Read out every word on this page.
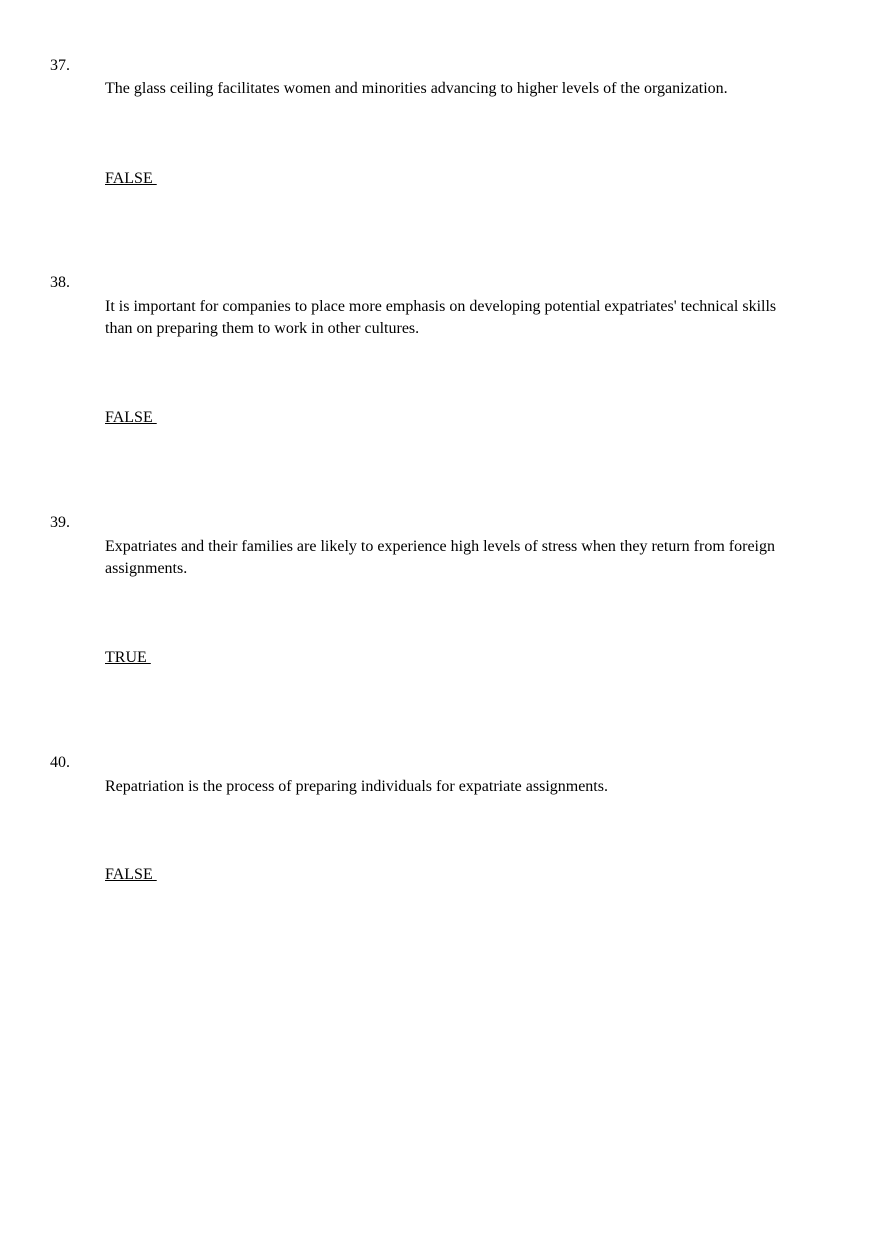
37.
The glass ceiling facilitates women and minorities advancing to higher levels of the organization.
FALSE
38.
It is important for companies to place more emphasis on developing potential expatriates' technical skills than on preparing them to work in other cultures.
FALSE
39.
Expatriates and their families are likely to experience high levels of stress when they return from foreign assignments.
TRUE
40.
Repatriation is the process of preparing individuals for expatriate assignments.
FALSE
